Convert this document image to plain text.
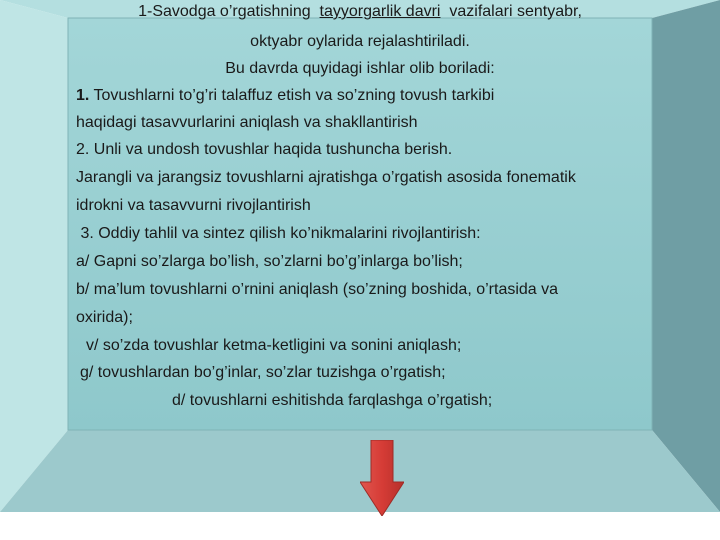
1-Savodga o’rgatishning tayyorgarlik davri vazifalari sentyabr,
oktyabr oylarida rejalashtiriladi.
Bu davrda quyidagi ishlar olib boriladi:
1. Tovushlarni to’g’ri talaffuz etish va so’zning tovush tarkibi
haqidagi tasavvurlarini aniqlash va shakllantirish
2. Unli va undosh tovushlar haqida tushuncha berish.
Jarangli va jarangsiz tovushlarni ajratishga o’rgatish asosida fonematik
idrokni va tasavvurni rivojlantirish
3. Oddiy tahlil va sintez qilish ko’nikmalarini rivojlantirish:
a/ Gapni so’zlarga bo’lish, so’zlarni bo’g’inlarga bo’lish;
b/ ma’lum tovushlarni o’rnini aniqlash (so’zning boshida, o’rtasida va
oxirida);
v/ so’zda tovushlar ketma-ketligini va sonini aniqlash;
g/ tovushlardan bo’g’inlar, so’zlar tuzishga o’rgatish;
d/ tovushlarni eshitishda farqlashga o’rgatish;
